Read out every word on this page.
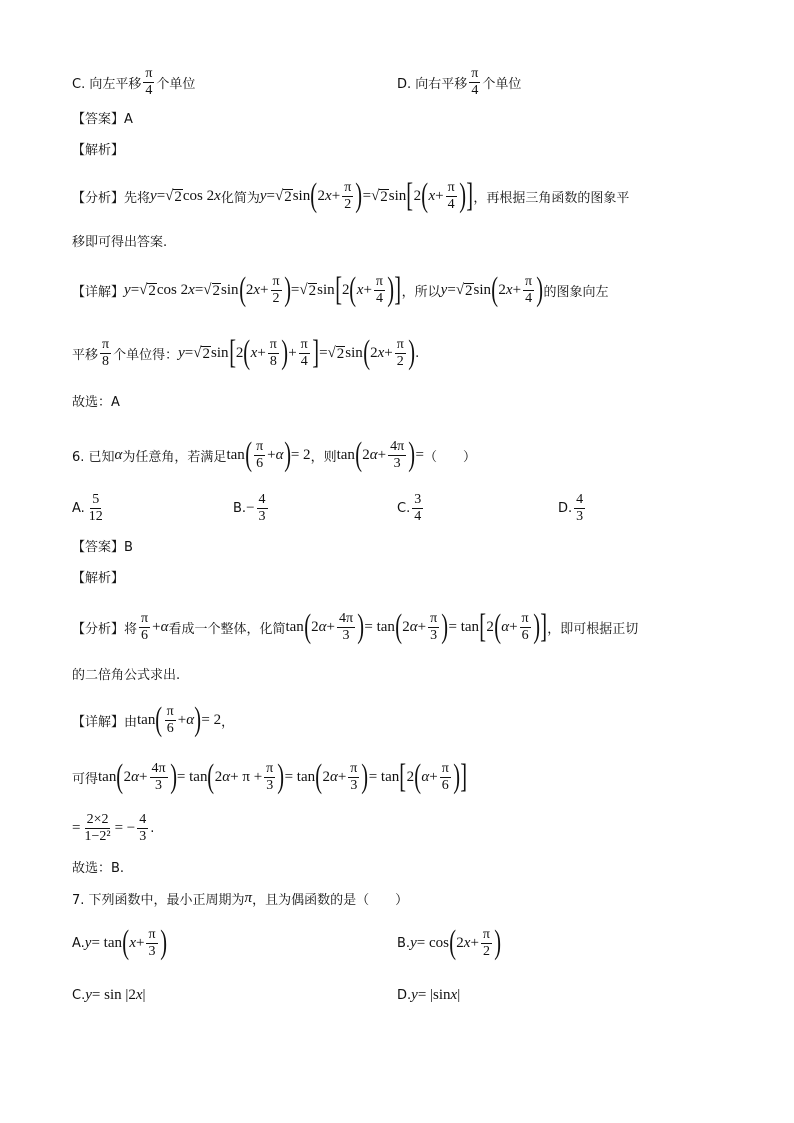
C. 向左平移 $\frac{\pi}{4}$ 个单位	D. 向右平移 $\frac{\pi}{4}$ 个单位
【答案】A
【解析】
【分析】先将 y = √ 2 cos 2 x 化简为 y = √ 2 sin ( 2 $x + \frac{\pi}{2}$ ) = √ 2 sin [ 2 ( $x + \frac{\pi}{4}$ ) ] ，再根据三角函数的图象平
移即可得出答案.
【详解】 y = √ 2 cos 2 x = √ 2 sin ( 2 $x + \frac{\pi}{2}$ ) = √ 2 sin [ 2 ( $x + \frac{\pi}{4}$ ) ] ，所以 y = √ 2 sin ( 2 $x + \frac{\pi}{4}$ ) 的图象向左
平移 $\frac{\pi}{8}$ 个单位得： y = √ 2 sin [ 2 ( $x + \frac{\pi}{8}$ ) + $\frac{\pi}{4}$ ] = √ 2 sin ( 2 $x + \frac{\pi}{2}$ ) .
故选：A
6. 已知 α 为任意角，若满足 tan ( $\frac{\pi}{6} + \alpha$ ) = 2 ，则 tan ( 2 $\alpha + \frac{4\pi}{3}$ ) = （　　）
A. $\frac{5}{12}$	B. − $\frac{4}{3}$	C. $\frac{3}{4}$	D. $\frac{4}{3}$
【答案】B
【解析】
【分析】将 $\frac{\pi}{6} + \alpha$ 看成一个整体，化简 tan ( 2 $\alpha + \frac{4\pi}{3}$ ) = tan ( 2 $\alpha + \frac{\pi}{3}$ ) = tan [ 2 ( $\alpha + \frac{\pi}{6}$ ) ] ，即可根据正切
的二倍角公式求出.
【详解】由 tan ( $\frac{\pi}{6} + \alpha$ ) = 2 ，
可得 tan ( 2 $\alpha + \frac{4\pi}{3}$ ) = tan ( 2 $\alpha + \pi + \frac{\pi}{3}$ ) = tan ( 2 $\alpha + \frac{\pi}{3}$ ) = tan [ 2 ( $\alpha + \frac{\pi}{6}$ ) ]
= $\frac{2\times 2}{\text{1−2²}}$ = − $\frac{4}{3}$ .
故选：B.
7. 下列函数中，最小正周期为 π ，且为偶函数的是（　　）
A. y = tan ( $x + \frac{\pi}{3}$ )	B. y = cos ( 2 $x + \frac{\pi}{2}$ )
C. y = sin |2 x |	D. y = |sin x |
